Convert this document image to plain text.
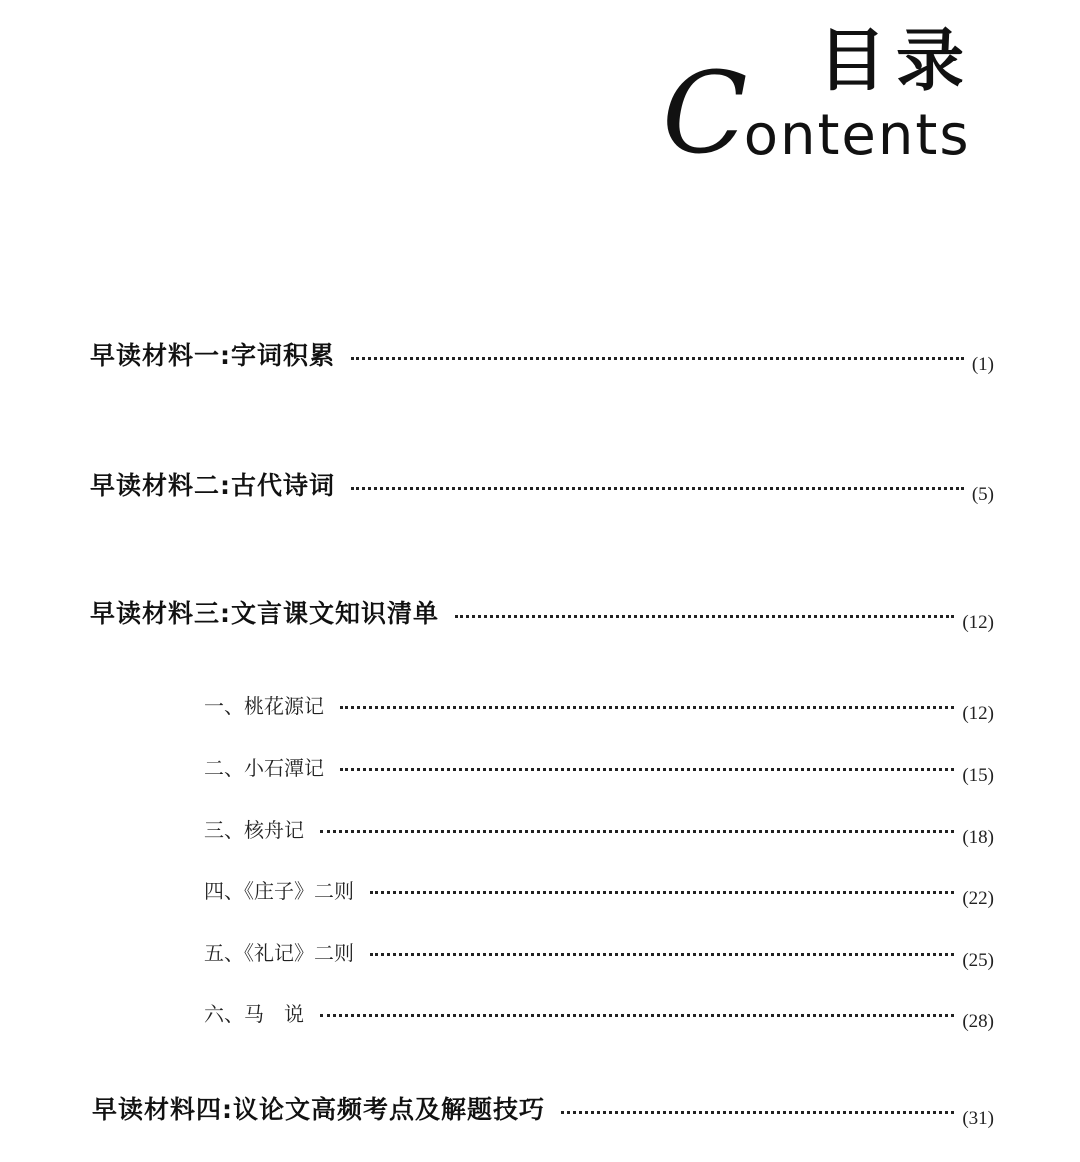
目录
Contents
早读材料一:字词积累	(1)
早读材料二:古代诗词	(5)
早读材料三:文言课文知识清单	(12)
一、桃花源记	(12)
二、小石潭记	(15)
三、核舟记	(18)
四、《庄子》二则	(22)
五、《礼记》二则	(25)
六、马　说	(28)
早读材料四:议论文高频考点及解题技巧	(31)
